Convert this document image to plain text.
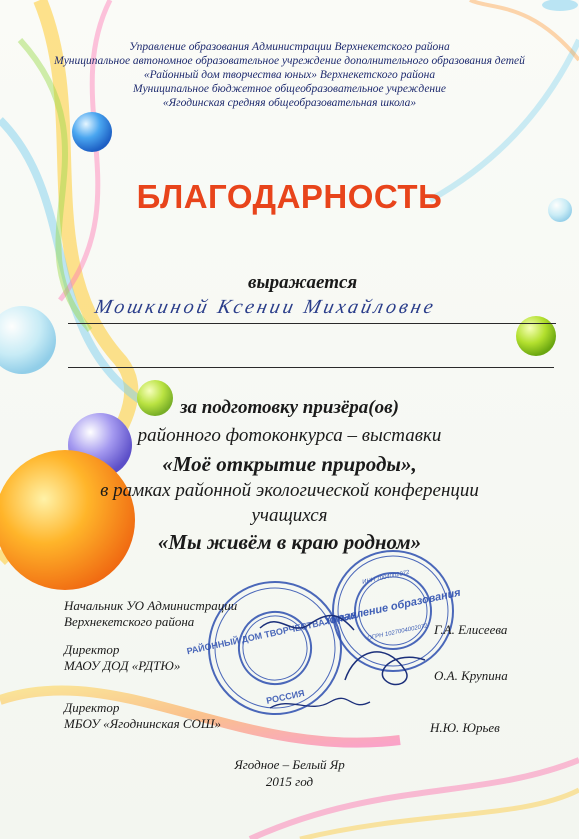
Управление образования Администрации Верхнекетского района
Муниципальное автономное образовательное учреждение дополнительного образования детей
«Районный дом творчества юных» Верхнекетского района
Муниципальное бюджетное общеобразовательное учреждение
«Ягодинская средняя общеобразовательная школа»
БЛАГОДАРНОСТЬ
выражается
Мошкиной Ксении Михайловне
за подготовку призёра(ов)
районного фотоконкурса – выставки
«Моё открытие природы»,
в рамках районной экологической конференции
учащихся
«Мы живём в краю родном»
РАЙОННЫЙ ДОМ ТВОРЧЕСТВА ЮНЫХ
РОССИЯ
Управление образования
ОГРН 1027004002072
ИНН 7004002072
Начальник УО Администрации
Верхнекетского района
Г.А. Елисеева
Директор
МАОУ ДОД «РДТЮ»
О.А. Крупина
Директор
МБОУ «Ягоднинская СОШ»	Н.Ю. Юрьев
Ягодное – Белый Яр
2015 год
